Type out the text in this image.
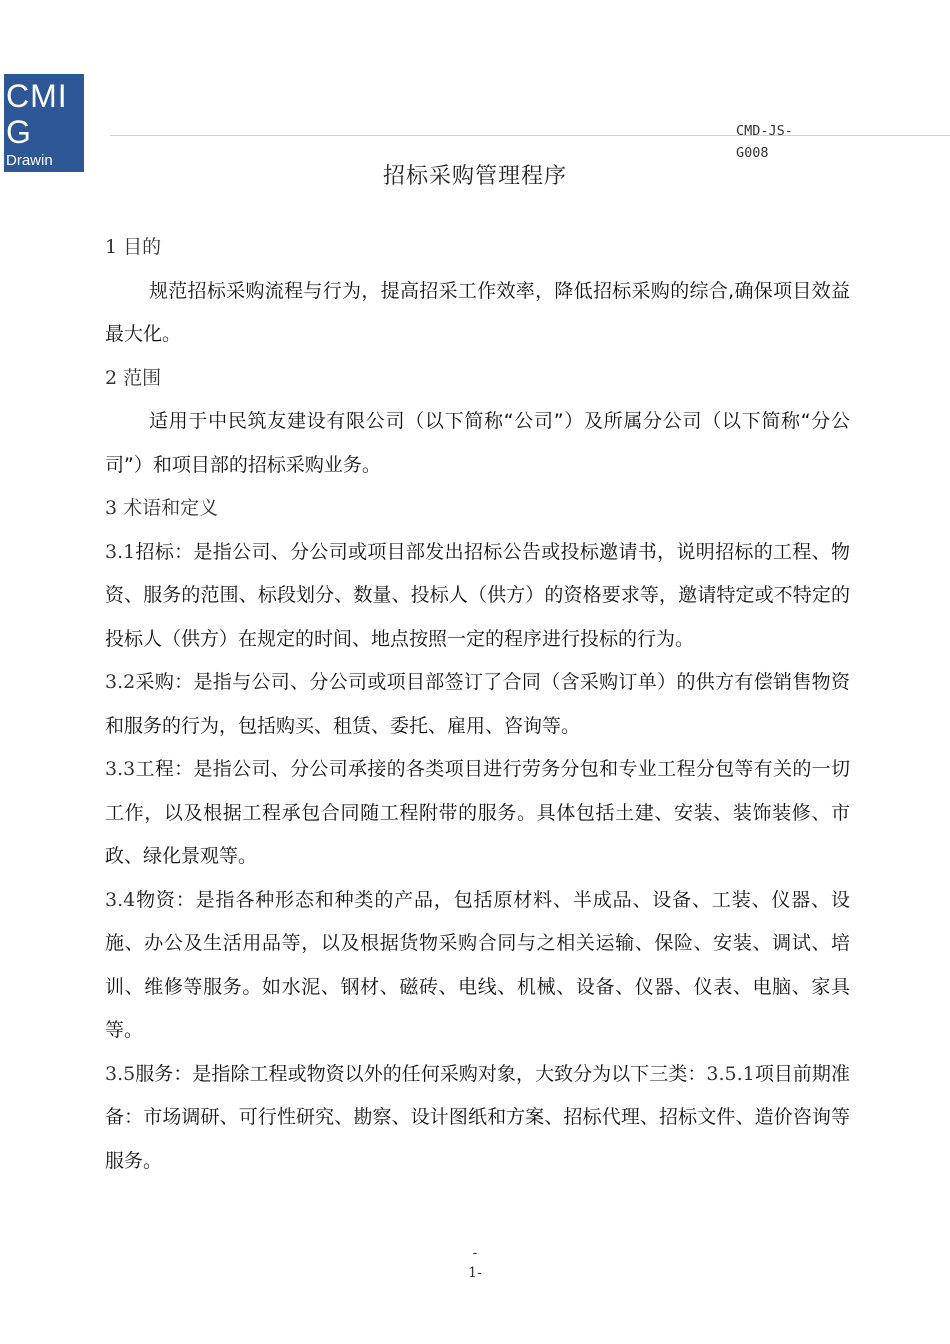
CMI
G
Drawin
CMD-JS-
G008
招标采购管理程序

1 目的

规范招标采购流程与行为，提高招采工作效率，降低招标采购的综合,确保项目效益最大化。

2 范围

适用于中民筑友建设有限公司（以下简称“公司”）及所属分公司（以下简称“分公司”）和项目部的招标采购业务。

3 术语和定义

3.1招标：是指公司、分公司或项目部发出招标公告或投标邀请书，说明招标的工程、物资、服务的范围、标段划分、数量、投标人（供方）的资格要求等，邀请特定或不特定的投标人（供方）在规定的时间、地点按照一定的程序进行投标的行为。

3.2采购：是指与公司、分公司或项目部签订了合同（含采购订单）的供方有偿销售物资和服务的行为，包括购买、租赁、委托、雇用、咨询等。

3.3工程：是指公司、分公司承接的各类项目进行劳务分包和专业工程分包等有关的一切工作，以及根据工程承包合同随工程附带的服务。具体包括土建、安装、装饰装修、市政、绿化景观等。

3.4物资：是指各种形态和种类的产品，包括原材料、半成品、设备、工装、仪器、设施、办公及生活用品等，以及根据货物采购合同与之相关运输、保险、安装、调试、培训、维修等服务。如水泥、钢材、磁砖、电线、机械、设备、仪器、仪表、电脑、家具等。

3.5服务：是指除工程或物资以外的任何采购对象，大致分为以下三类：3.5.1项目前期准备：市场调研、可行性研究、勘察、设计图纸和方案、招标代理、招标文件、造价咨询等服务。

-
1-
